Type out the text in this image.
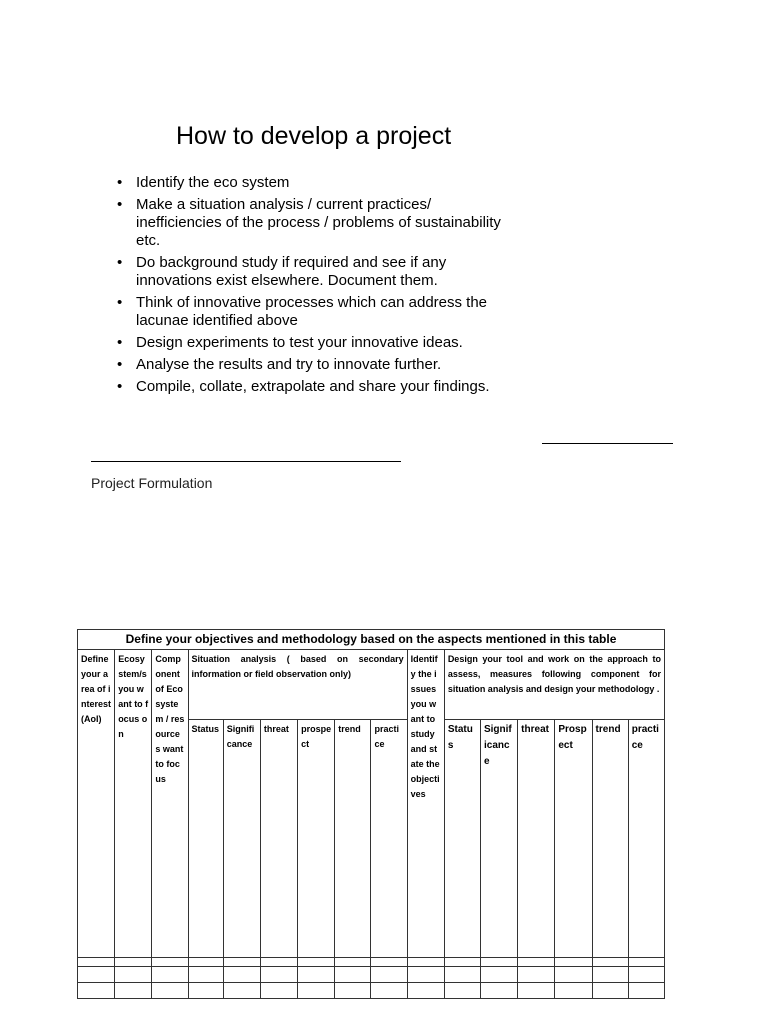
How to develop a project
• Identify the eco system
• Make a situation analysis / current practices/ inefficiencies of the process / problems of sustainability etc.
• Do background study if required and see if any innovations exist elsewhere. Document them.
• Think of innovative processes which can address the lacunae identified above
• Design experiments to test your innovative ideas.
• Analyse the results and try to innovate further.
• Compile, collate, extrapolate and share your findings.
Project Formulation
Define your objectives and methodology based on the aspects mentioned in this table															
Define your area of interest (AoI)	Ecosystem/s you want to focus on	Component of Ecosystem / resources want to focus	Situation analysis ( based on secondary information or field observation only)						Identify the issues you want to study and state the objectives	Design your tool and work on the approach to assess, measures following component for situation analysis and design your methodology .					
			Status	Significance	threat	prospect	trend	practice		Status	Significance	threat	Prospect	trend	practice
